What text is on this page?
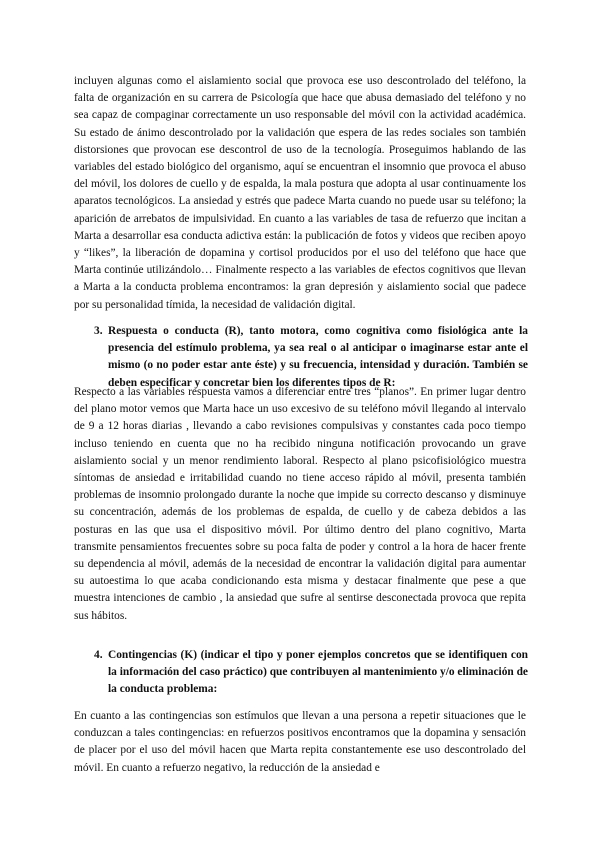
incluyen algunas como el aislamiento social que provoca ese uso descontrolado del teléfono, la falta de organización en su carrera de Psicología que hace que abusa demasiado del teléfono y no sea capaz de compaginar correctamente un uso responsable del móvil con la actividad académica. Su estado de ánimo descontrolado por la validación que espera de las redes sociales son también distorsiones que provocan ese descontrol de uso de la tecnología. Proseguimos hablando de las variables del estado biológico del organismo, aquí se encuentran el insomnio que provoca el abuso del móvil, los dolores de cuello y de espalda, la mala postura que adopta al usar continuamente los aparatos tecnológicos. La ansiedad y estrés que padece Marta cuando no puede usar su teléfono; la aparición de arrebatos de impulsividad. En cuanto a las variables de tasa de refuerzo que incitan a Marta a desarrollar esa conducta adictiva están: la publicación de fotos y videos que reciben apoyo y “likes”, la liberación de dopamina y cortisol producidos por el uso del teléfono que hace que Marta continúe utilizándolo… Finalmente respecto a las variables de efectos cognitivos que llevan a Marta a la conducta problema encontramos: la gran depresión y aislamiento social que padece por su personalidad tímida, la necesidad de validación digital.

3. Respuesta o conducta (R), tanto motora, como cognitiva como fisiológica ante la presencia del estímulo problema, ya sea real o al anticipar o imaginarse estar ante el mismo (o no poder estar ante éste) y su frecuencia, intensidad y duración. También se deben especificar y concretar bien los diferentes tipos de R:

Respecto a las variables respuesta vamos a diferenciar entre tres “planos”. En primer lugar dentro del plano motor vemos que Marta hace un uso excesivo de su teléfono móvil llegando al intervalo de 9 a 12 horas diarias , llevando a cabo revisiones compulsivas y constantes cada poco tiempo incluso teniendo en cuenta que no ha recibido ninguna notificación provocando un grave aislamiento social y un menor rendimiento laboral. Respecto al plano psicofisiológico muestra síntomas de ansiedad e irritabilidad cuando no tiene acceso rápido al móvil, presenta también problemas de insomnio prolongado durante la noche que impide su correcto descanso y disminuye su concentración, además de los problemas de espalda, de cuello y de cabeza debidos a las posturas en las que usa el dispositivo móvil. Por último dentro del plano cognitivo, Marta transmite pensamientos frecuentes sobre su poca falta de poder y control a la hora de hacer frente su dependencia al móvil, además de la necesidad de encontrar la validación digital para aumentar su autoestima lo que acaba condicionando esta misma y destacar finalmente que pese a que muestra intenciones de cambio , la ansiedad que sufre al sentirse desconectada provoca que repita sus hábitos.

4. Contingencias (K) (indicar el tipo y poner ejemplos concretos que se identifiquen con la información del caso práctico) que contribuyen al mantenimiento y/o eliminación de la conducta problema:

En cuanto a las contingencias son estímulos que llevan a una persona a repetir situaciones que le conduzcan a tales contingencias: en refuerzos positivos encontramos que la dopamina y sensación de placer por el uso del móvil hacen que Marta repita constantemente ese uso descontrolado del móvil. En cuanto a refuerzo negativo, la reducción de la ansiedad e
